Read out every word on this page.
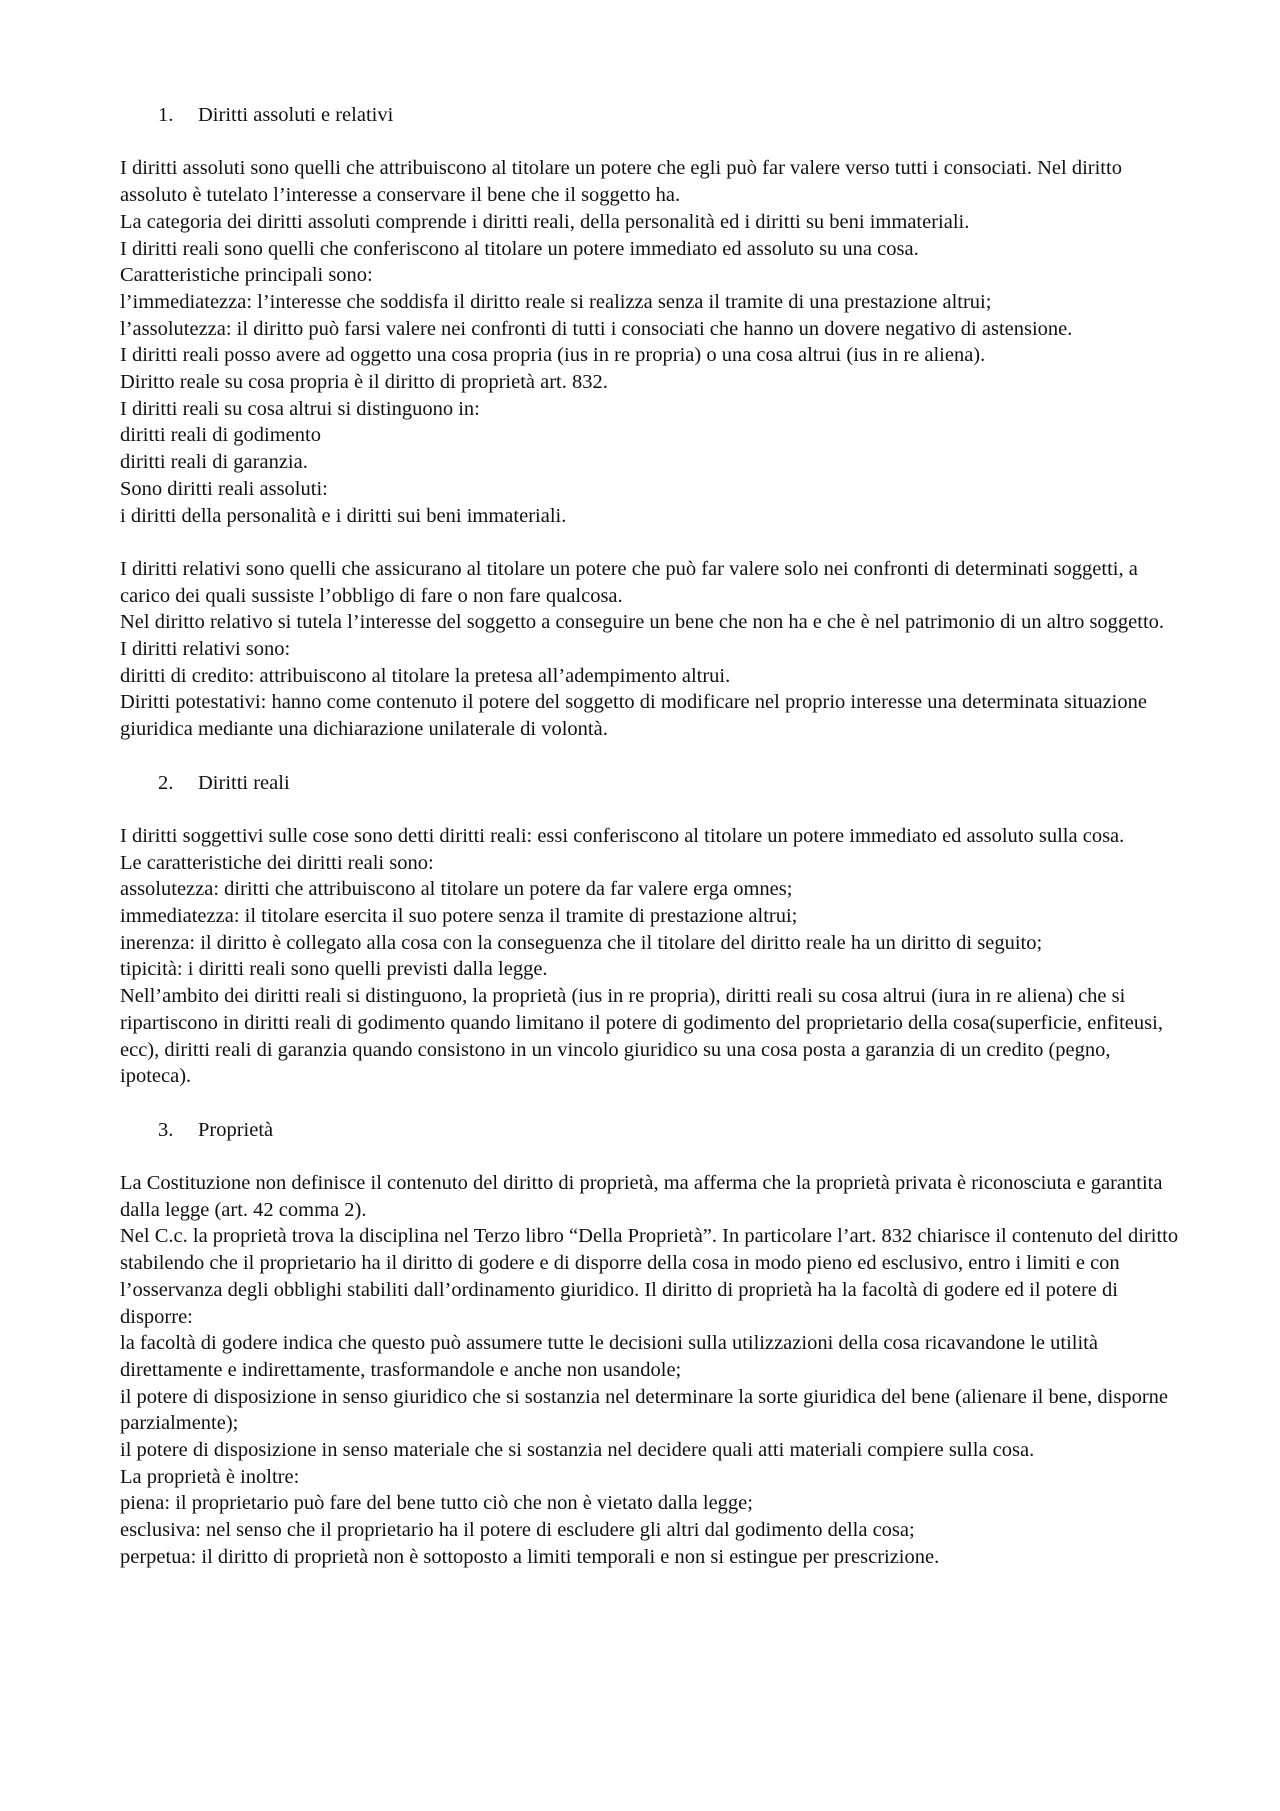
1.	Diritti assoluti e relativi

I diritti assoluti sono quelli che attribuiscono al titolare un potere che egli può far valere verso tutti i consociati. Nel diritto assoluto è tutelato l’interesse a conservare il bene che il soggetto ha.

La categoria dei diritti assoluti comprende i diritti reali, della personalità ed i diritti su beni immateriali.

I diritti reali sono quelli che conferiscono al titolare un potere immediato ed assoluto su una cosa.

Caratteristiche principali sono:

l’immediatezza: l’interesse che soddisfa il diritto reale si realizza senza il tramite di una prestazione altrui;

l’assolutezza: il diritto può farsi valere nei confronti di tutti i consociati che hanno un dovere negativo di astensione.

I diritti reali posso avere ad oggetto una cosa propria (ius in re propria) o una cosa altrui (ius in re aliena).

Diritto reale su cosa propria è il diritto di proprietà art. 832.

I diritti reali su cosa altrui si distinguono in:

diritti reali di godimento

diritti reali di garanzia.

Sono diritti reali assoluti:

i diritti della personalità e i diritti sui beni immateriali.

I diritti relativi sono quelli che assicurano al titolare un potere che può far valere solo nei confronti di determinati soggetti, a carico dei quali sussiste l’obbligo di fare o non fare qualcosa.

Nel diritto relativo si tutela l’interesse del soggetto a conseguire un bene che non ha e che è nel patrimonio di un altro soggetto.

I diritti relativi sono:

diritti di credito: attribuiscono al titolare la pretesa all’adempimento altrui.

Diritti potestativi: hanno come contenuto il potere del soggetto di modificare nel proprio interesse una determinata situazione giuridica mediante una dichiarazione unilaterale di volontà.

2.	Diritti reali

I diritti soggettivi sulle cose sono detti diritti reali: essi conferiscono al titolare un potere immediato ed assoluto sulla cosa.

Le caratteristiche dei diritti reali sono:

assolutezza: diritti che attribuiscono al titolare un potere da far valere erga omnes;

immediatezza: il titolare esercita il suo potere senza il tramite di prestazione altrui;

inerenza: il diritto è collegato alla cosa con la conseguenza che il titolare del diritto reale ha un diritto di seguito;

tipicità: i diritti reali sono quelli previsti dalla legge.

Nell’ambito dei diritti reali si distinguono, la proprietà (ius in re propria), diritti reali su cosa altrui (iura in re aliena) che si ripartiscono in diritti reali di godimento quando limitano il potere di godimento del proprietario della cosa(superficie, enfiteusi, ecc), diritti reali di garanzia quando consistono in un vincolo giuridico su una cosa posta a garanzia di un credito (pegno, ipoteca).

3.	Proprietà

La Costituzione non definisce il contenuto del diritto di proprietà, ma afferma che la proprietà privata è riconosciuta e garantita dalla legge (art. 42 comma 2).

Nel C.c. la proprietà trova la disciplina nel Terzo libro “Della Proprietà”. In particolare l’art. 832 chiarisce il contenuto del diritto stabilendo che il proprietario ha il diritto di godere e di disporre della cosa in modo pieno ed esclusivo, entro i limiti e con l’osservanza degli obblighi stabiliti dall’ordinamento giuridico. Il diritto di proprietà ha la facoltà di godere ed il potere di disporre:

la facoltà di godere indica che questo può assumere tutte le decisioni sulla utilizzazioni della cosa ricavandone le utilità direttamente e indirettamente, trasformandole e anche non usandole;

il potere di disposizione in senso giuridico che si sostanzia nel determinare la sorte giuridica del bene (alienare il bene, disporne parzialmente);

il potere di disposizione in senso materiale che si sostanzia nel decidere quali atti materiali compiere sulla cosa.

La proprietà è inoltre:

piena: il proprietario può fare del bene tutto ciò che non è vietato dalla legge;

esclusiva: nel senso che il proprietario ha il potere di escludere gli altri dal godimento della cosa;

perpetua: il diritto di proprietà non è sottoposto a limiti temporali e non si estingue per prescrizione.
